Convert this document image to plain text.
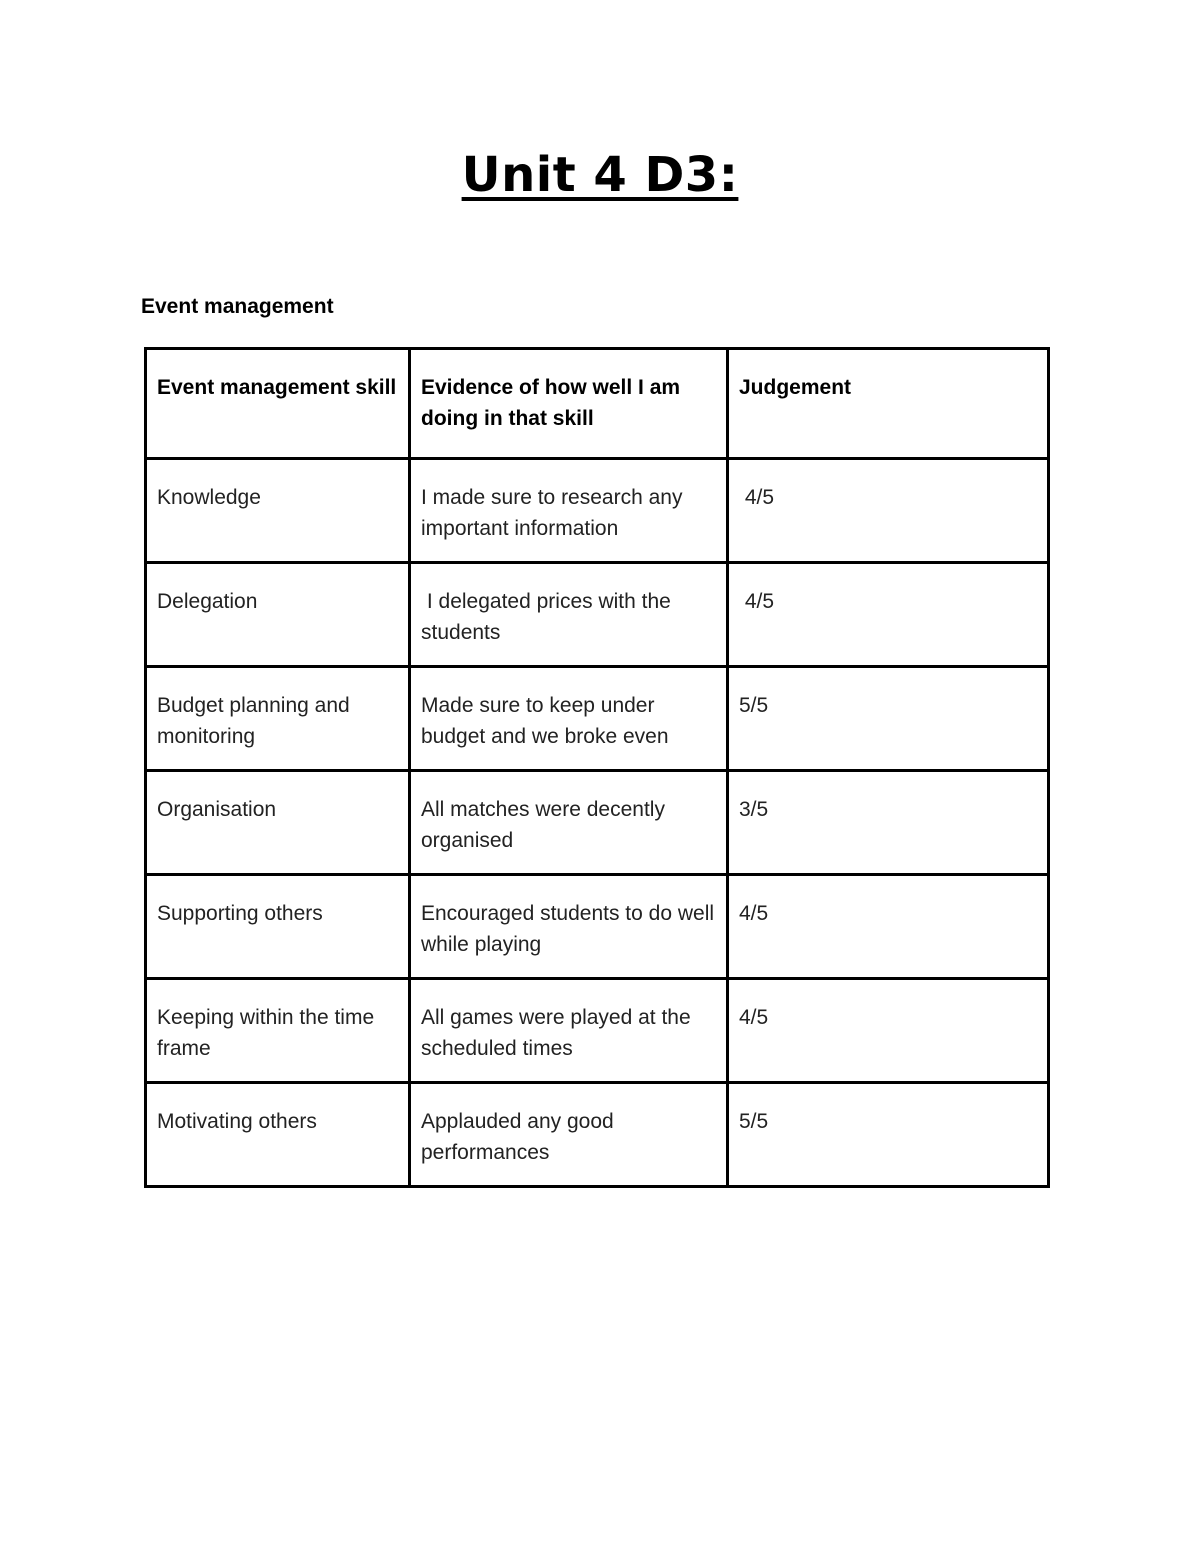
Unit 4 D3:

Event management

Event management skill	Evidence of how well I am doing in that skill	Judgement
Knowledge	I made sure to research any important information	4/5
Delegation	I delegated prices with the students	4/5
Budget planning and monitoring	Made sure to keep under budget and we broke even	5/5
Organisation	All matches were decently organised	3/5
Supporting others	Encouraged students to do well while playing	4/5
Keeping within the time frame	All games were played at the scheduled times	4/5
Motivating others	Applauded any good performances	5/5
